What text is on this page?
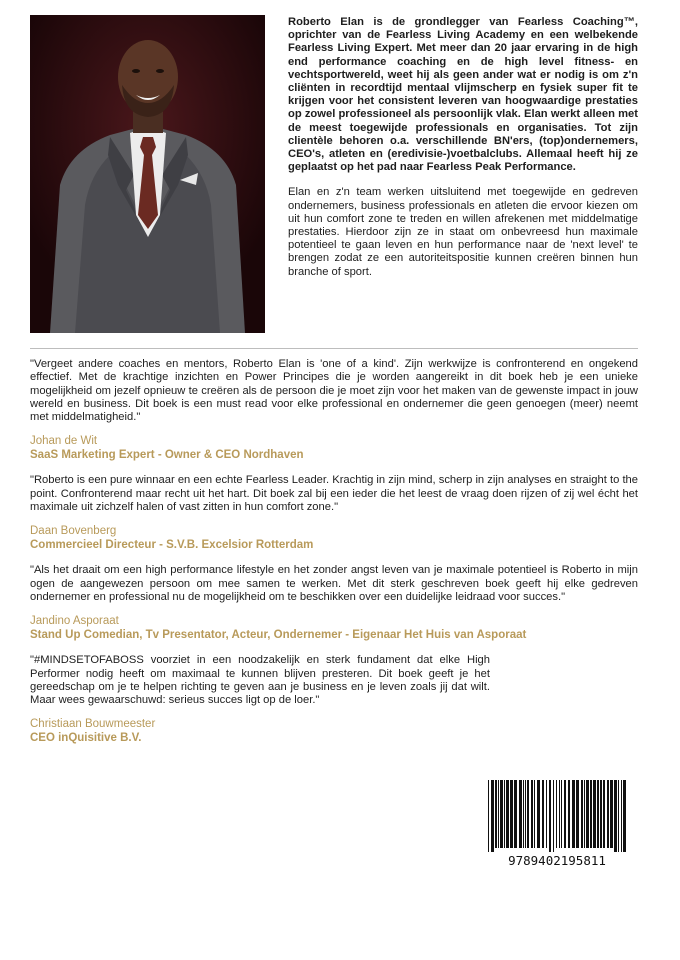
Roberto Elan is de grondlegger van Fearless Coaching™, oprichter van de Fearless Living Academy en een welbekende Fearless Living Expert. Met meer dan 20 jaar ervaring in de high end performance coaching en de high level fitness- en vechtsportwereld, weet hij als geen ander wat er nodig is om z'n cliënten in recordtijd mentaal vlijmscherp en fysiek super fit te krijgen voor het consistent leveren van hoogwaardige prestaties op zowel professioneel als persoonlijk vlak. Elan werkt alleen met de meest toegewijde professionals en organisaties. Tot zijn clientèle behoren o.a. verschillende BN'ers, (top)ondernemers, CEO's, atleten en (eredivisie-)voetbalclubs. Allemaal heeft hij ze geplaatst op het pad naar Fearless Peak Performance.

Elan en z'n team werken uitsluitend met toegewijde en gedreven ondernemers, business professionals en atleten die ervoor kiezen om uit hun comfort zone te treden en willen afrekenen met middelmatige prestaties. Hierdoor zijn ze in staat om onbevreesd hun maximale potentieel te gaan leven en hun performance naar de 'next level' te brengen zodat ze een autoriteitspositie kunnen creëren binnen hun branche of sport.

"Vergeet andere coaches en mentors, Roberto Elan is 'one of a kind'. Zijn werkwijze is confronterend en ongekend effectief. Met de krachtige inzichten en Power Principes die je worden aangereikt in dit boek heb je een unieke mogelijkheid om jezelf opnieuw te creëren als de persoon die je moet zijn voor het maken van de gewenste impact in jouw wereld en business. Dit boek is een must read voor elke professional en ondernemer die geen genoegen (meer) neemt met middelmatigheid."

Johan de Wit
SaaS Marketing Expert - Owner & CEO Nordhaven

"Roberto is een pure winnaar en een echte Fearless Leader. Krachtig in zijn mind, scherp in zijn analyses en straight to the point. Confronterend maar recht uit het hart. Dit boek zal bij een ieder die het leest de vraag doen rijzen of zij wel écht het maximale uit zichzelf halen of vast zitten in hun comfort zone."

Daan Bovenberg
Commercieel Directeur - S.V.B. Excelsior Rotterdam

"Als het draait om een high performance lifestyle en het zonder angst leven van je maximale potentieel is Roberto in mijn ogen de aangewezen persoon om mee samen te werken. Met dit sterk geschreven boek geeft hij elke gedreven ondernemer en professional nu de mogelijkheid om te beschikken over een duidelijke leidraad voor succes."

Jandino Asporaat
Stand Up Comedian, Tv Presentator, Acteur, Ondernemer - Eigenaar Het Huis van Asporaat

"#MINDSETOFABOSS voorziet in een noodzakelijk en sterk fundament dat elke High Performer nodig heeft om maximaal te kunnen blijven presteren. Dit boek geeft je het gereedschap om je te helpen richting te geven aan je business en je leven zoals jij dat wilt. Maar wees gewaarschuwd: serieus succes ligt op de loer."

Christiaan Bouwmeester
CEO inQuisitive B.V.
9789402195811
